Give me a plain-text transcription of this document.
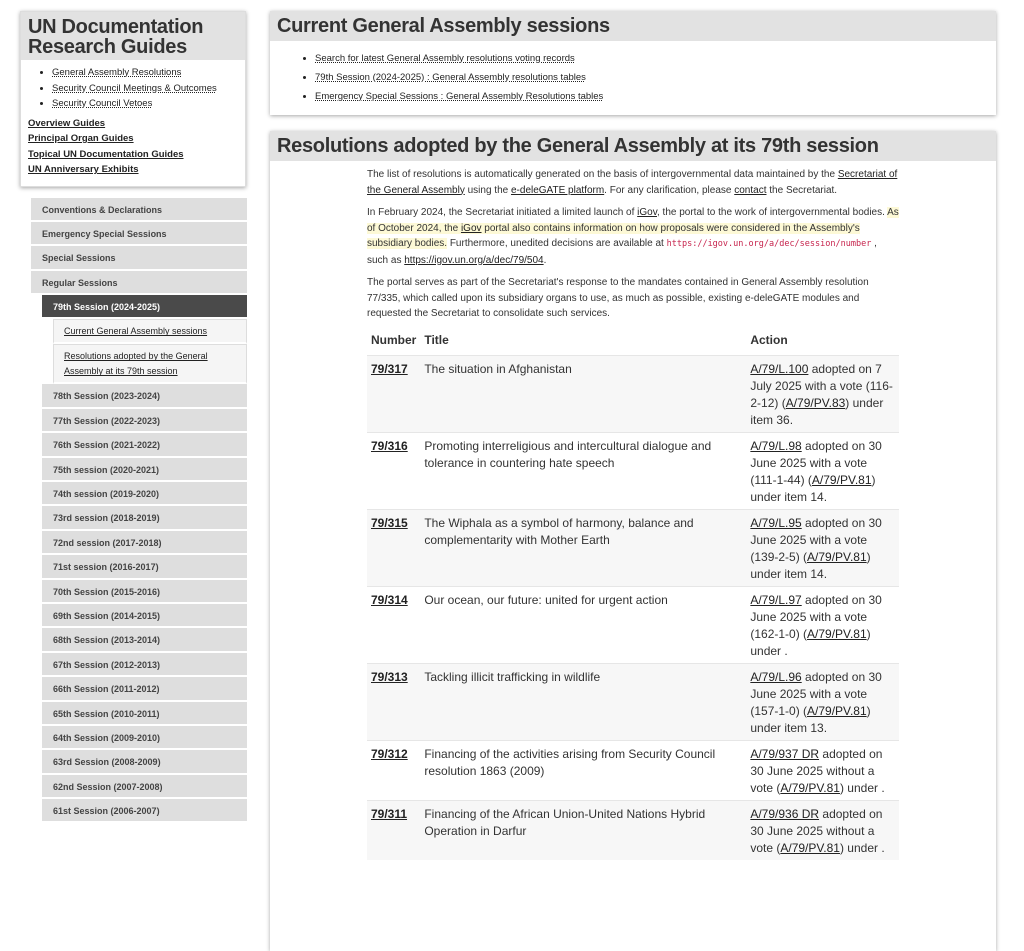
UN Documentation Research Guides
• General Assembly Resolutions
• Security Council Meetings & Outcomes
• Security Council Vetoes
Overview Guides
Principal Organ Guides
Topical UN Documentation Guides
UN Anniversary Exhibits
Conventions & Declarations
Emergency Special Sessions
Special Sessions
Regular Sessions
79th Session (2024-2025)
Current General Assembly sessions
Resolutions adopted by the General Assembly at its 79th session
78th Session (2023-2024)
77th Session (2022-2023)
76th Session (2021-2022)
75th session (2020-2021)
74th session (2019-2020)
73rd session (2018-2019)
72nd session (2017-2018)
71st session (2016-2017)
70th Session (2015-2016)
69th Session (2014-2015)
68th Session (2013-2014)
67th Session (2012-2013)
66th Session (2011-2012)
65th Session (2010-2011)
64th Session (2009-2010)
63rd Session (2008-2009)
62nd Session (2007-2008)
61st Session (2006-2007)
Current General Assembly sessions
• Search for latest General Assembly resolutions voting records
• 79th Session (2024-2025) : General Assembly resolutions tables
• Emergency Special Sessions : General Assembly Resolutions tables
Resolutions adopted by the General Assembly at its 79th session

The list of resolutions is automatically generated on the basis of intergovernmental data maintained by the Secretariat of the General Assembly using the e-deleGATE platform. For any clarification, please contact the Secretariat.

In February 2024, the Secretariat initiated a limited launch of iGov, the portal to the work of intergovernmental bodies. As of October 2024, the iGov portal also contains information on how proposals were considered in the Assembly's subsidiary bodies. Furthermore, unedited decisions are available at https://igov.un.org/a/dec/session/number , such as https://igov.un.org/a/dec/79/504.

The portal serves as part of the Secretariat's response to the mandates contained in General Assembly resolution 77/335, which called upon its subsidiary organs to use, as much as possible, existing e-deleGATE modules and requested the Secretariat to consolidate such services.

Number	Title	Action
79/317	The situation in Afghanistan	A/79/L.100 adopted on 7 July 2025 with a vote (116-2-12) (A/79/PV.83) under item 36.
79/316	Promoting interreligious and intercultural dialogue and tolerance in countering hate speech	A/79/L.98 adopted on 30 June 2025 with a vote (111-1-44) (A/79/PV.81) under item 14.
79/315	The Wiphala as a symbol of harmony, balance and complementarity with Mother Earth	A/79/L.95 adopted on 30 June 2025 with a vote (139-2-5) (A/79/PV.81) under item 14.
79/314	Our ocean, our future: united for urgent action	A/79/L.97 adopted on 30 June 2025 with a vote (162-1-0) (A/79/PV.81) under .
79/313	Tackling illicit trafficking in wildlife	A/79/L.96 adopted on 30 June 2025 with a vote (157-1-0) (A/79/PV.81) under item 13.
79/312	Financing of the activities arising from Security Council resolution 1863 (2009)	A/79/937 DR adopted on 30 June 2025 without a vote (A/79/PV.81) under .
79/311	Financing of the African Union-United Nations Hybrid Operation in Darfur	A/79/936 DR adopted on 30 June 2025 without a vote (A/79/PV.81) under .
